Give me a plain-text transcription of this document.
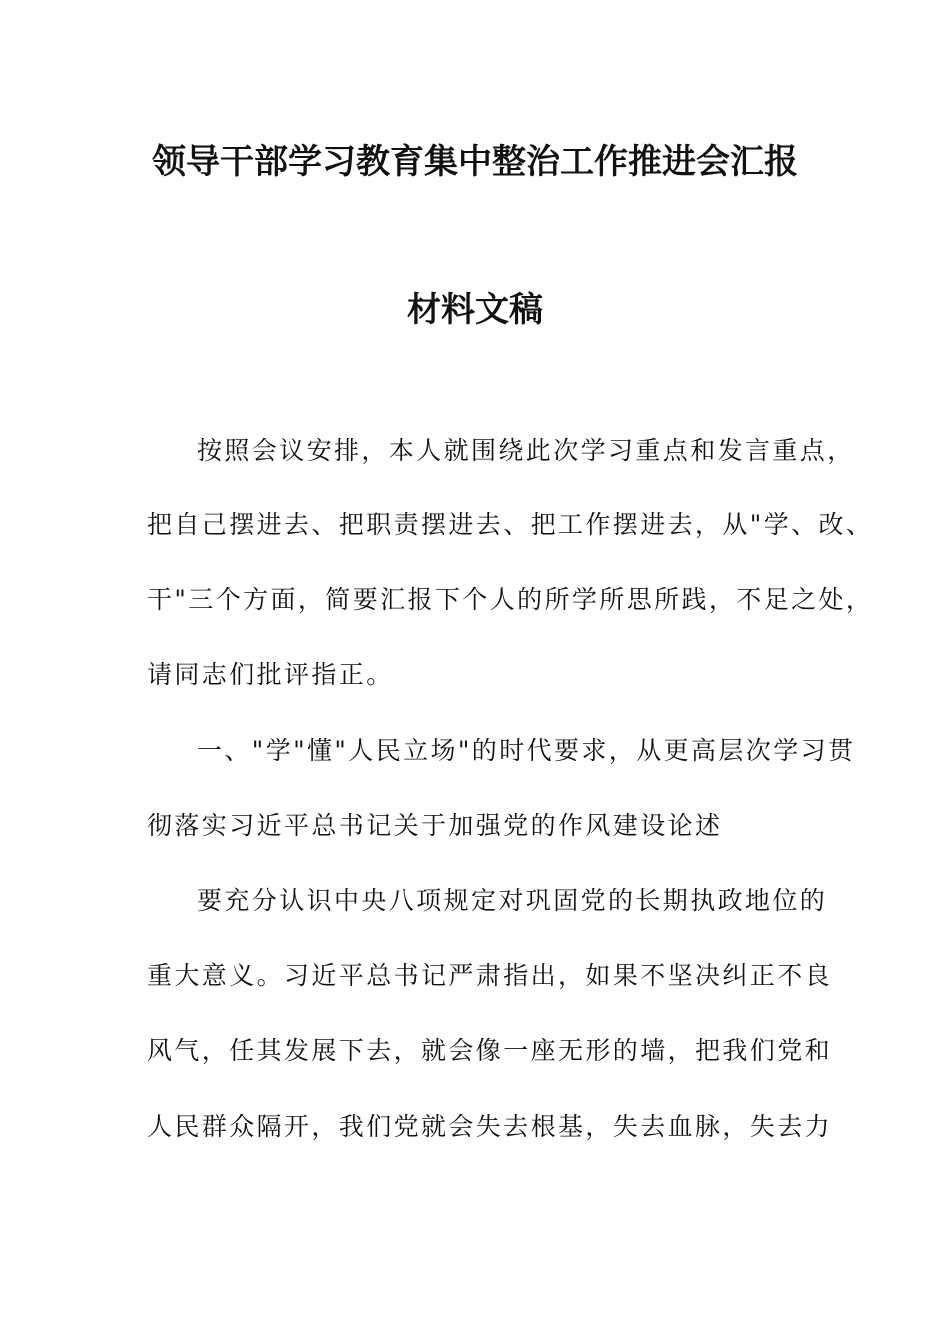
领导干部学习教育集中整治工作推进会汇报
材料文稿
按照会议安排，本人就围绕此次学习重点和发言重点，
把自己摆进去、把职责摆进去、把工作摆进去，从"学、改、
干"三个方面，简要汇报下个人的所学所思所践，不足之处，
请同志们批评指正。
一、"学"懂"人民立场"的时代要求，从更高层次学习贯
彻落实习近平总书记关于加强党的作风建设论述
要充分认识中央八项规定对巩固党的长期执政地位的
重大意义。习近平总书记严肃指出，如果不坚决纠正不良
风气，任其发展下去，就会像一座无形的墙，把我们党和
人民群众隔开，我们党就会失去根基，失去血脉，失去力
